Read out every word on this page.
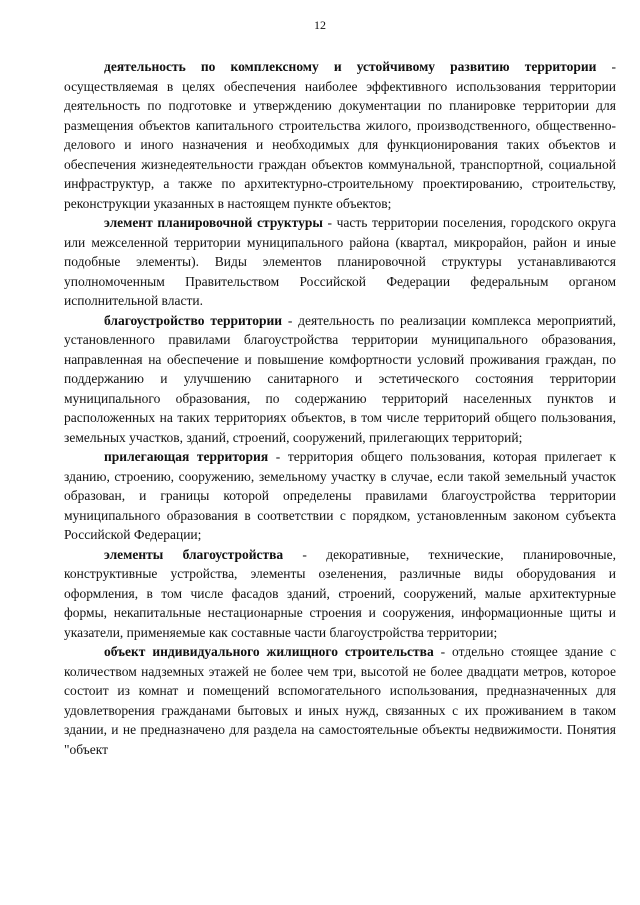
12

деятельность по комплексному и устойчивому развитию территории - осуществляемая в целях обеспечения наиболее эффективного использования территории деятельность по подготовке и утверждению документации по планировке территории для размещения объектов капитального строительства жилого, производственного, общественно-делового и иного назначения и необходимых для функционирования таких объектов и обеспечения жизнедеятельности граждан объектов коммунальной, транспортной, социальной инфраструктур, а также по архитектурно-строительному проектированию, строительству, реконструкции указанных в настоящем пункте объектов;

элемент планировочной структуры - часть территории поселения, городского округа или межселенной территории муниципального района (квартал, микрорайон, район и иные подобные элементы). Виды элементов планировочной структуры устанавливаются уполномоченным Правительством Российской Федерации федеральным органом исполнительной власти.

благоустройство территории - деятельность по реализации комплекса мероприятий, установленного правилами благоустройства территории муниципального образования, направленная на обеспечение и повышение комфортности условий проживания граждан, по поддержанию и улучшению санитарного и эстетического состояния территории муниципального образования, по содержанию территорий населенных пунктов и расположенных на таких территориях объектов, в том числе территорий общего пользования, земельных участков, зданий, строений, сооружений, прилегающих территорий;

прилегающая территория - территория общего пользования, которая прилегает к зданию, строению, сооружению, земельному участку в случае, если такой земельный участок образован, и границы которой определены правилами благоустройства территории муниципального образования в соответствии с порядком, установленным законом субъекта Российской Федерации;

элементы благоустройства - декоративные, технические, планировочные, конструктивные устройства, элементы озеленения, различные виды оборудования и оформления, в том числе фасадов зданий, строений, сооружений, малые архитектурные формы, некапитальные нестационарные строения и сооружения, информационные щиты и указатели, применяемые как составные части благоустройства территории;

объект индивидуального жилищного строительства - отдельно стоящее здание с количеством надземных этажей не более чем три, высотой не более двадцати метров, которое состоит из комнат и помещений вспомогательного использования, предназначенных для удовлетворения гражданами бытовых и иных нужд, связанных с их проживанием в таком здании, и не предназначено для раздела на самостоятельные объекты недвижимости. Понятия "объект
